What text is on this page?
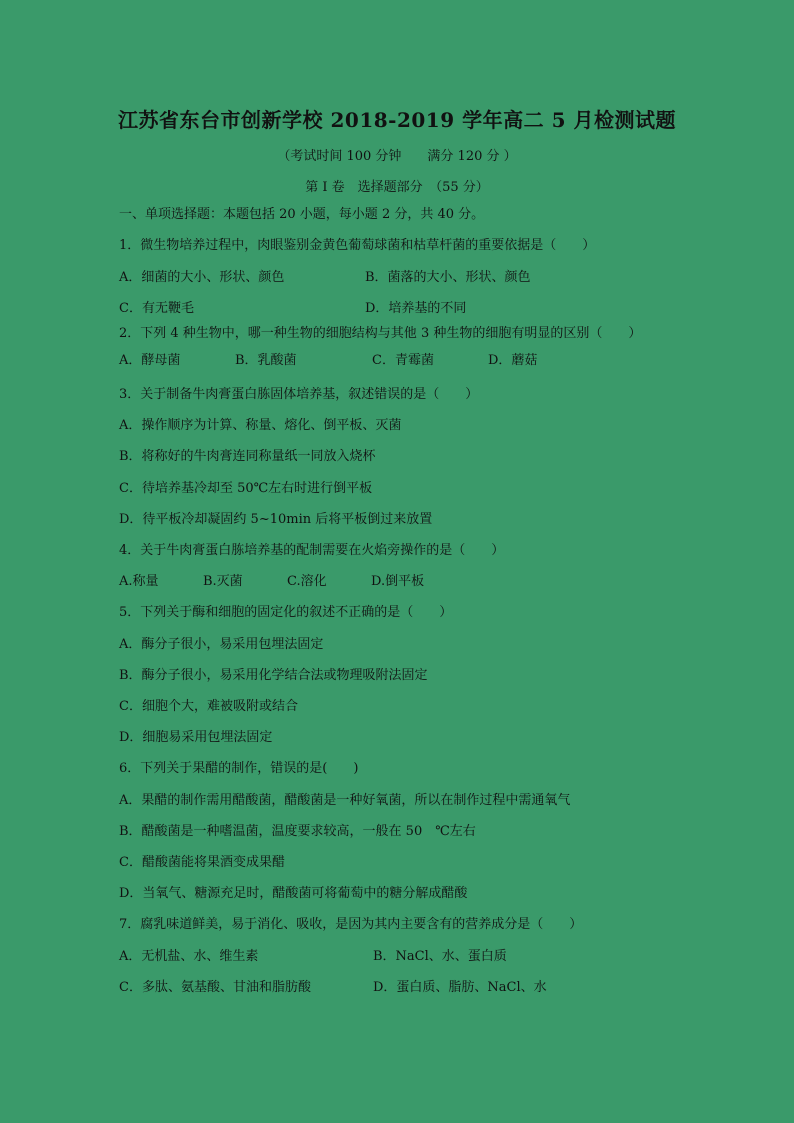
江苏省东台市创新学校 2018-2019 学年高二 5 月检测试题
（考试时间 100 分钟　　满分 120 分 ）
第 I 卷　选择题部分　（55 分）
一、单项选择题：本题包括 20 小题，每小题 2 分，共 40 分。
1．微生物培养过程中，肉眼鉴别金黄色葡萄球菌和枯草杆菌的重要依据是（　　）
A．细菌的大小、形状、颜色	B．菌落的大小、形状、颜色
C．有无鞭毛	D．培养基的不同
2．下列 4 种生物中，哪一种生物的细胞结构与其他 3 种生物的细胞有明显的区别（　　）
A．酵母菌	B．乳酸菌	C．青霉菌	D．蘑菇
3．关于制备牛肉膏蛋白胨固体培养基，叙述错误的是（　　）
A．操作顺序为计算、称量、熔化、倒平板、灭菌
B．将称好的牛肉膏连同称量纸一同放入烧杯
C．待培养基冷却至 50℃左右时进行倒平板
D．待平板冷却凝固约 5~10min 后将平板倒过来放置
4．关于牛肉膏蛋白胨培养基的配制需要在火焰旁操作的是（　　）
A.称量	B.灭菌	C.溶化	D.倒平板
5．下列关于酶和细胞的固定化的叙述不正确的是（　　）
A．酶分子很小，易采用包埋法固定
B．酶分子很小，易采用化学结合法或物理吸附法固定
C．细胞个大，难被吸附或结合
D．细胞易采用包埋法固定
6．下列关于果醋的制作，错误的是(　　)
A．果醋的制作需用醋酸菌，醋酸菌是一种好氧菌，所以在制作过程中需通氧气
B．醋酸菌是一种嗜温菌，温度要求较高，一般在 50　℃左右
C．醋酸菌能将果酒变成果醋
D．当氧气、糖源充足时，醋酸菌可将葡萄中的糖分解成醋酸
7．腐乳味道鲜美，易于消化、吸收，是因为其内主要含有的营养成分是（　　）
A．无机盐、水、维生素	B．NaCl、水、蛋白质
C．多肽、氨基酸、甘油和脂肪酸	D．蛋白质、脂肪、NaCl、水
